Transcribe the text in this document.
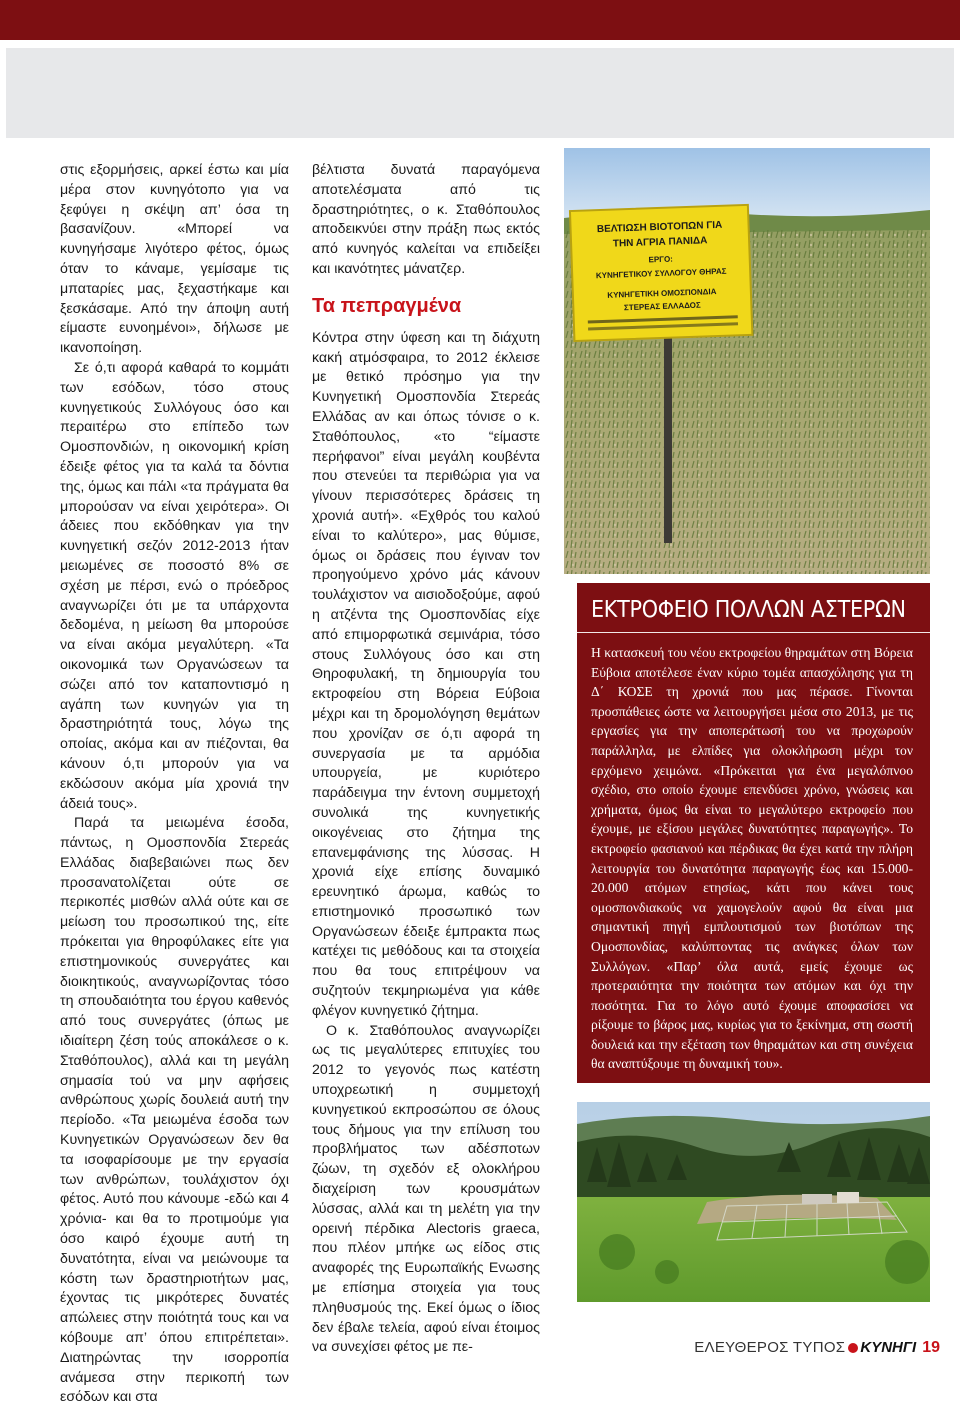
στις εξορμήσεις, αρκεί έστω και μία μέρα στον κυνηγότοπο για να ξεφύγει η σκέψη απ’ όσα τη βασανίζουν. «Μπορεί να κυνηγήσαμε λιγότερο φέτος, όμως όταν το κάναμε, γεμίσαμε τις μπαταρίες μας, ξεχαστήκαμε και ξεσκάσαμε. Από την άποψη αυτή είμαστε ευνοημένοι», δήλωσε με ικανοποίηση.

Σε ό,τι αφορά καθαρά το κομμάτι των εσόδων, τόσο στους κυνηγετικούς Συλλόγους όσο και περαιτέρω στο επίπεδο των Ομοσπονδιών, η οικονομική κρίση έδειξε φέτος για τα καλά τα δόντια της, όμως και πάλι «τα πράγματα θα μπορούσαν να είναι χειρότερα». Οι άδειες που εκδόθηκαν για την κυνηγετική σεζόν 2012-2013 ήταν μειωμένες σε ποσοστό 8% σε σχέση με πέρσι, ενώ ο πρόεδρος αναγνωρίζει ότι με τα υπάρχοντα δεδομένα, η μείωση θα μπορούσε να είναι ακόμα μεγαλύτερη. «Τα οικονομικά των Οργανώσεων τα σώζει από τον καταποντισμό η αγάπη των κυνηγών για τη δραστηριότητά τους, λόγω της οποίας, ακόμα και αν πιέζονται, θα κάνουν ό,τι μπορούν για να εκδώσουν ακόμα μία χρονιά την άδειά τους».

Παρά τα μειωμένα έσοδα, πάντως, η Ομοσπονδία Στερεάς Ελλάδας διαβεβαιώνει πως δεν προσανατολίζεται ούτε σε περικοπές μισθών αλλά ούτε και σε μείωση του προσωπικού της, είτε πρόκειται για θηροφύλακες είτε για επιστημονικούς συνεργάτες και διοικητικούς, αναγνωρίζοντας τόσο τη σπουδαιότητα του έργου καθενός από τους συνεργάτες (όπως με ιδιαίτερη ζέση τούς αποκάλεσε ο κ. Σταθόπουλος), αλλά και τη μεγάλη σημασία τού να μην αφήσεις ανθρώπους χωρίς δουλειά αυτή την περίοδο. «Τα μειωμένα έσοδα των Κυνηγετικών Οργανώσεων δεν θα τα ισοφαρίσουμε με την εργασία των ανθρώπων, τουλάχιστον όχι φέτος. Αυτό που κάνουμε -εδώ και 4 χρόνια- και θα το προτιμούμε για όσο καιρό έχουμε αυτή τη δυνατότητα, είναι να μειώνουμε τα κόστη των δραστηριοτήτων μας, έχοντας τις μικρότερες δυνατές απώλειες στην ποιότητά τους και να κόβουμε απ’ όπου επιτρέπεται». Διατηρώντας την ισορροπία ανάμεσα στην περικοπή των εσόδων και στα

βέλτιστα δυνατά παραγόμενα αποτελέσματα από τις δραστηριότητες, ο κ. Σταθόπουλος αποδεικνύει στην πράξη πως εκτός από κυνηγός καλείται να επιδείξει και ικανότητες μάνατζερ.

Τα πεπραγμένα

Κόντρα στην ύφεση και τη διάχυτη κακή ατμόσφαιρα, το 2012 έκλεισε με θετικό πρόσημο για την Κυνηγετική Ομοσπονδία Στερεάς Ελλάδας αν και όπως τόνισε ο κ. Σταθόπουλος, «το “είμαστε περήφανοι” είναι μεγάλη κουβέντα που στενεύει τα περιθώρια για να γίνουν περισσότερες δράσεις τη χρονιά αυτή». «Εχθρός του καλού είναι το καλύτερο», μας θύμισε, όμως οι δράσεις που έγιναν τον προηγούμενο χρόνο μάς κάνουν τουλάχιστον να αισιοδοξούμε, αφού η ατζέντα της Ομοσπονδίας είχε από επιμορφωτικά σεμινάρια, τόσο στους Συλλόγους όσο και στη Θηροφυλακή, τη δημιουργία του εκτροφείου στη Βόρεια Εύβοια μέχρι και τη δρομολόγηση θεμάτων που χρονίζαν σε ό,τι αφορά τη συνεργασία με τα αρμόδια υπουργεία, με κυριότερο παράδειγμα την έντονη συμμετοχή συνολικά της κυνηγετικής οικογένειας στο ζήτημα της επανεμφάνισης της λύσσας. Η χρονιά είχε επίσης δυναμικό ερευνητικό άρωμα, καθώς το επιστημονικό προσωπικό των Οργανώσεων έδειξε έμπρακτα πως κατέχει τις μεθόδους και τα στοιχεία που θα τους επιτρέψουν να συζητούν τεκμηριωμένα για κάθε φλέγον κυνηγετικό ζήτημα.

Ο κ. Σταθόπουλος αναγνωρίζει ως τις μεγαλύτερες επιτυχίες του 2012 το γεγονός πως κατέστη υποχρεωτική η συμμετοχή κυνηγετικού εκπροσώπου σε όλους τους δήμους για την επίλυση του προβλήματος των αδέσποτων ζώων, τη σχεδόν εξ ολοκλήρου διαχείριση των κρουσμάτων λύσσας, αλλά και τη μελέτη για την ορεινή πέρδικα Alectoris graeca, που πλέον μπήκε ως είδος στις αναφορές της Ευρωπαϊκής Ενωσης με επίσημα στοιχεία για τους πληθυσμούς της. Εκεί όμως ο ίδιος δεν έβαλε τελεία, αφού είναι έτοιμος να συνεχίσει φέτος με πε-

ΒΕΛΤΙΩΣΗ ΒΙΟΤΟΠΩΝ ΓΙΑ
ΤΗΝ ΑΓΡΙΑ ΠΑΝΙΔΑ
ΕΡΓΟ:
ΚΥΝΗΓΕΤΙΚΟΥ ΣΥΛΛΟΓΟΥ ΘΗΡΑΣ
ΚΥΝΗΓΕΤΙΚΗ ΟΜΟΣΠΟΝΔΙΑ
ΣΤΕΡΕΑΣ ΕΛΛΑΔΟΣ
ΕΚΤΡΟΦΕΙΟ ΠΟΛΛΩΝ ΑΣΤΕΡΩΝ
Η κατασκευή του νέου εκτροφείου θηραμάτων στη Βόρεια Εύβοια αποτέλεσε έναν κύριο τομέα απασχόλησης για τη Δ΄ ΚΟΣΕ τη χρονιά που μας πέρασε. Γίνονται προσπάθειες ώστε να λειτουργήσει μέσα στο 2013, με τις εργασίες για την αποπεράτωσή του να προχωρούν παράλληλα, με ελπίδες για ολοκλήρωση μέχρι τον ερχόμενο χειμώνα. «Πρόκειται για ένα μεγαλόπνοο σχέδιο, στο οποίο έχουμε επενδύσει χρόνο, γνώσεις και χρήματα, όμως θα είναι το μεγαλύτερο εκτροφείο που έχουμε, με εξίσου μεγάλες δυνατότητες παραγωγής». Το εκτροφείο φασιανού και πέρδικας θα έχει κατά την πλήρη λειτουργία του δυνατότητα παραγωγής έως και 15.000-20.000 ατόμων ετησίως, κάτι που κάνει τους ομοσπονδιακούς να χαμογελούν αφού θα είναι μια σημαντική πηγή εμπλουτισμού των βιοτόπων της Ομοσπονδίας, καλύπτοντας τις ανάγκες όλων των Συλλόγων. «Παρ’ όλα αυτά, εμείς έχουμε ως προτεραιότητα την ποιότητα των ατόμων και όχι την ποσότητα. Για το λόγο αυτό έχουμε αποφασίσει να ρίξουμε το βάρος μας, κυρίως για το ξεκίνημα, στη σωστή δουλειά και την εξέταση των θηραμάτων και στη συνέχεια θα αναπτύξουμε τη δυναμική του».
ΕΛΕΥΘΕΡΟΣ ΤΥΠΟΣ ΚΥΝΗΓΙ 19
